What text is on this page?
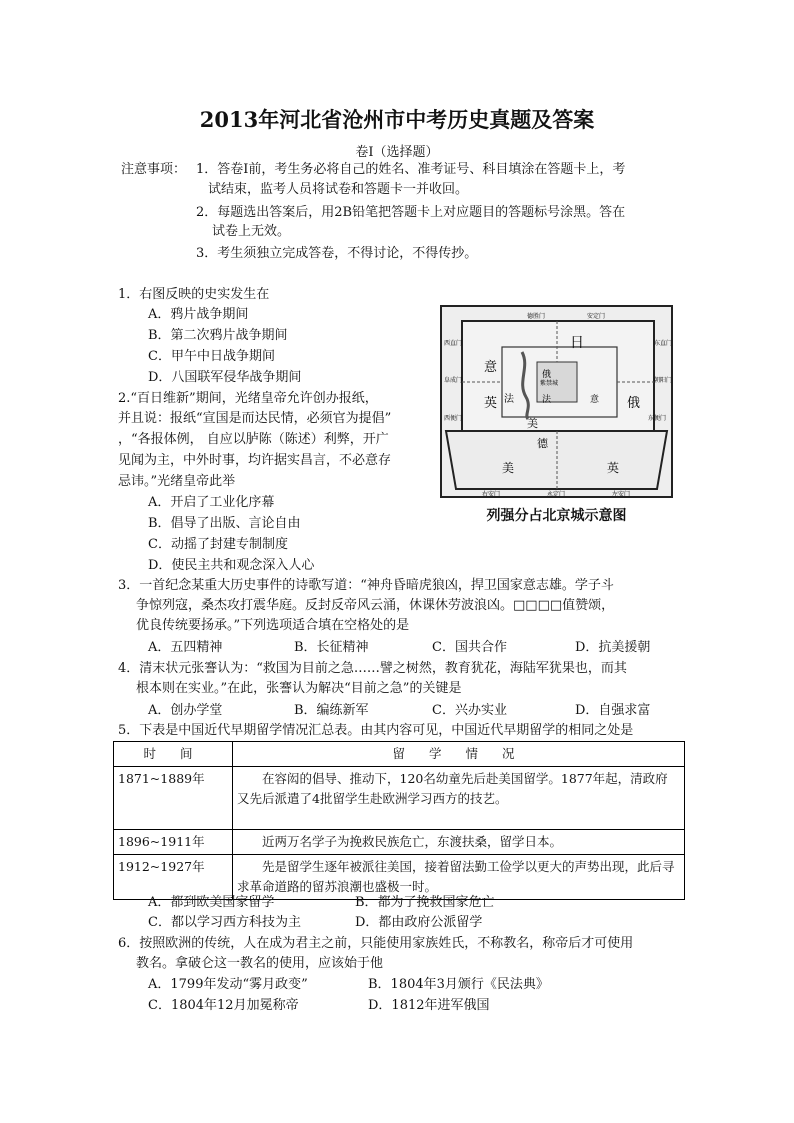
2013年河北省沧州市中考历史真题及答案
卷Ⅰ（选择题）
注意事项： 1．答卷Ⅰ前，考生务必将自己的姓名、准考证号、科目填涂在答题卡上，考
试结束，监考人员将试卷和答题卡一并收回。
2．每题选出答案后，用2B铅笔把答题卡上对应题目的答题标号涂黑。答在
试卷上无效。
3．考生须独立完成答卷，不得讨论，不得传抄。
1．右图反映的史实发生在
A．鸦片战争期间
B．第二次鸦片战争期间
C．甲午中日战争期间
D．八国联军侵华战争期间
德胜门	安定门
西直门	东直门
阜成门	朝阳门
西便门	东便门
右安门	永定门	左安门
日
意
俄
英 法
美
德
俄
法	意
美	英
紫禁城
列强分占北京城示意图
2.“百日维新”期间，光绪皇帝允许创办报纸，
并且说：报纸“宣国是而达民情，必须官为提倡”
，“各报体例， 自应以胪陈（陈述）利弊，开广
见闻为主，中外时事，均许据实昌言，不必意存
忌讳。”光绪皇帝此举
A．开启了工业化序幕
B．倡导了出版、言论自由
C．动摇了封建专制制度
D．使民主共和观念深入人心
3．一首纪念某重大历史事件的诗歌写道：“神舟昏暗虎狼凶，捍卫国家意志雄。学子斗
争惊列寇，桑杰攻打震华庭。反封反帝风云涌，休课休劳波浪凶。□□□□值赞颂，
优良传统要扬承。”下列选项适合填在空格处的是
A．五四精神	B．长征精神	C．国共合作	D．抗美援朝
4．清末状元张謇认为：“救国为目前之急……譬之树然，教育犹花，海陆军犹果也，而其
根本则在实业。”在此，张謇认为解决“目前之急”的关键是
A．创办学堂	B．编练新军	C．兴办实业	D．自强求富
5．下表是中国近代早期留学情况汇总表。由其内容可见，中国近代早期留学的相同之处是
时 间	留 学 情 况
1871~1889年	在容闳的倡导、推动下，120名幼童先后赴美国留学。1877年起，清政府又先后派遣了4批留学生赴欧洲学习西方的技艺。

1896~1911年	近两万名学子为挽救民族危亡，东渡扶桑，留学日本。

1912~1927年	先是留学生逐年被派往美国，接着留法勤工俭学以更大的声势出现，此后寻求革命道路的留苏浪潮也盛极一时。
A．都到欧美国家留学	B．都为了挽救国家危亡
C．都以学习西方科技为主	D．都由政府公派留学
6．按照欧洲的传统，人在成为君主之前，只能使用家族姓氏，不称教名，称帝后才可使用
教名。拿破仑这一教名的使用，应该始于他
A．1799年发动“雾月政变”	B．1804年3月颁行《民法典》
C．1804年12月加冕称帝	D．1812年进军俄国
